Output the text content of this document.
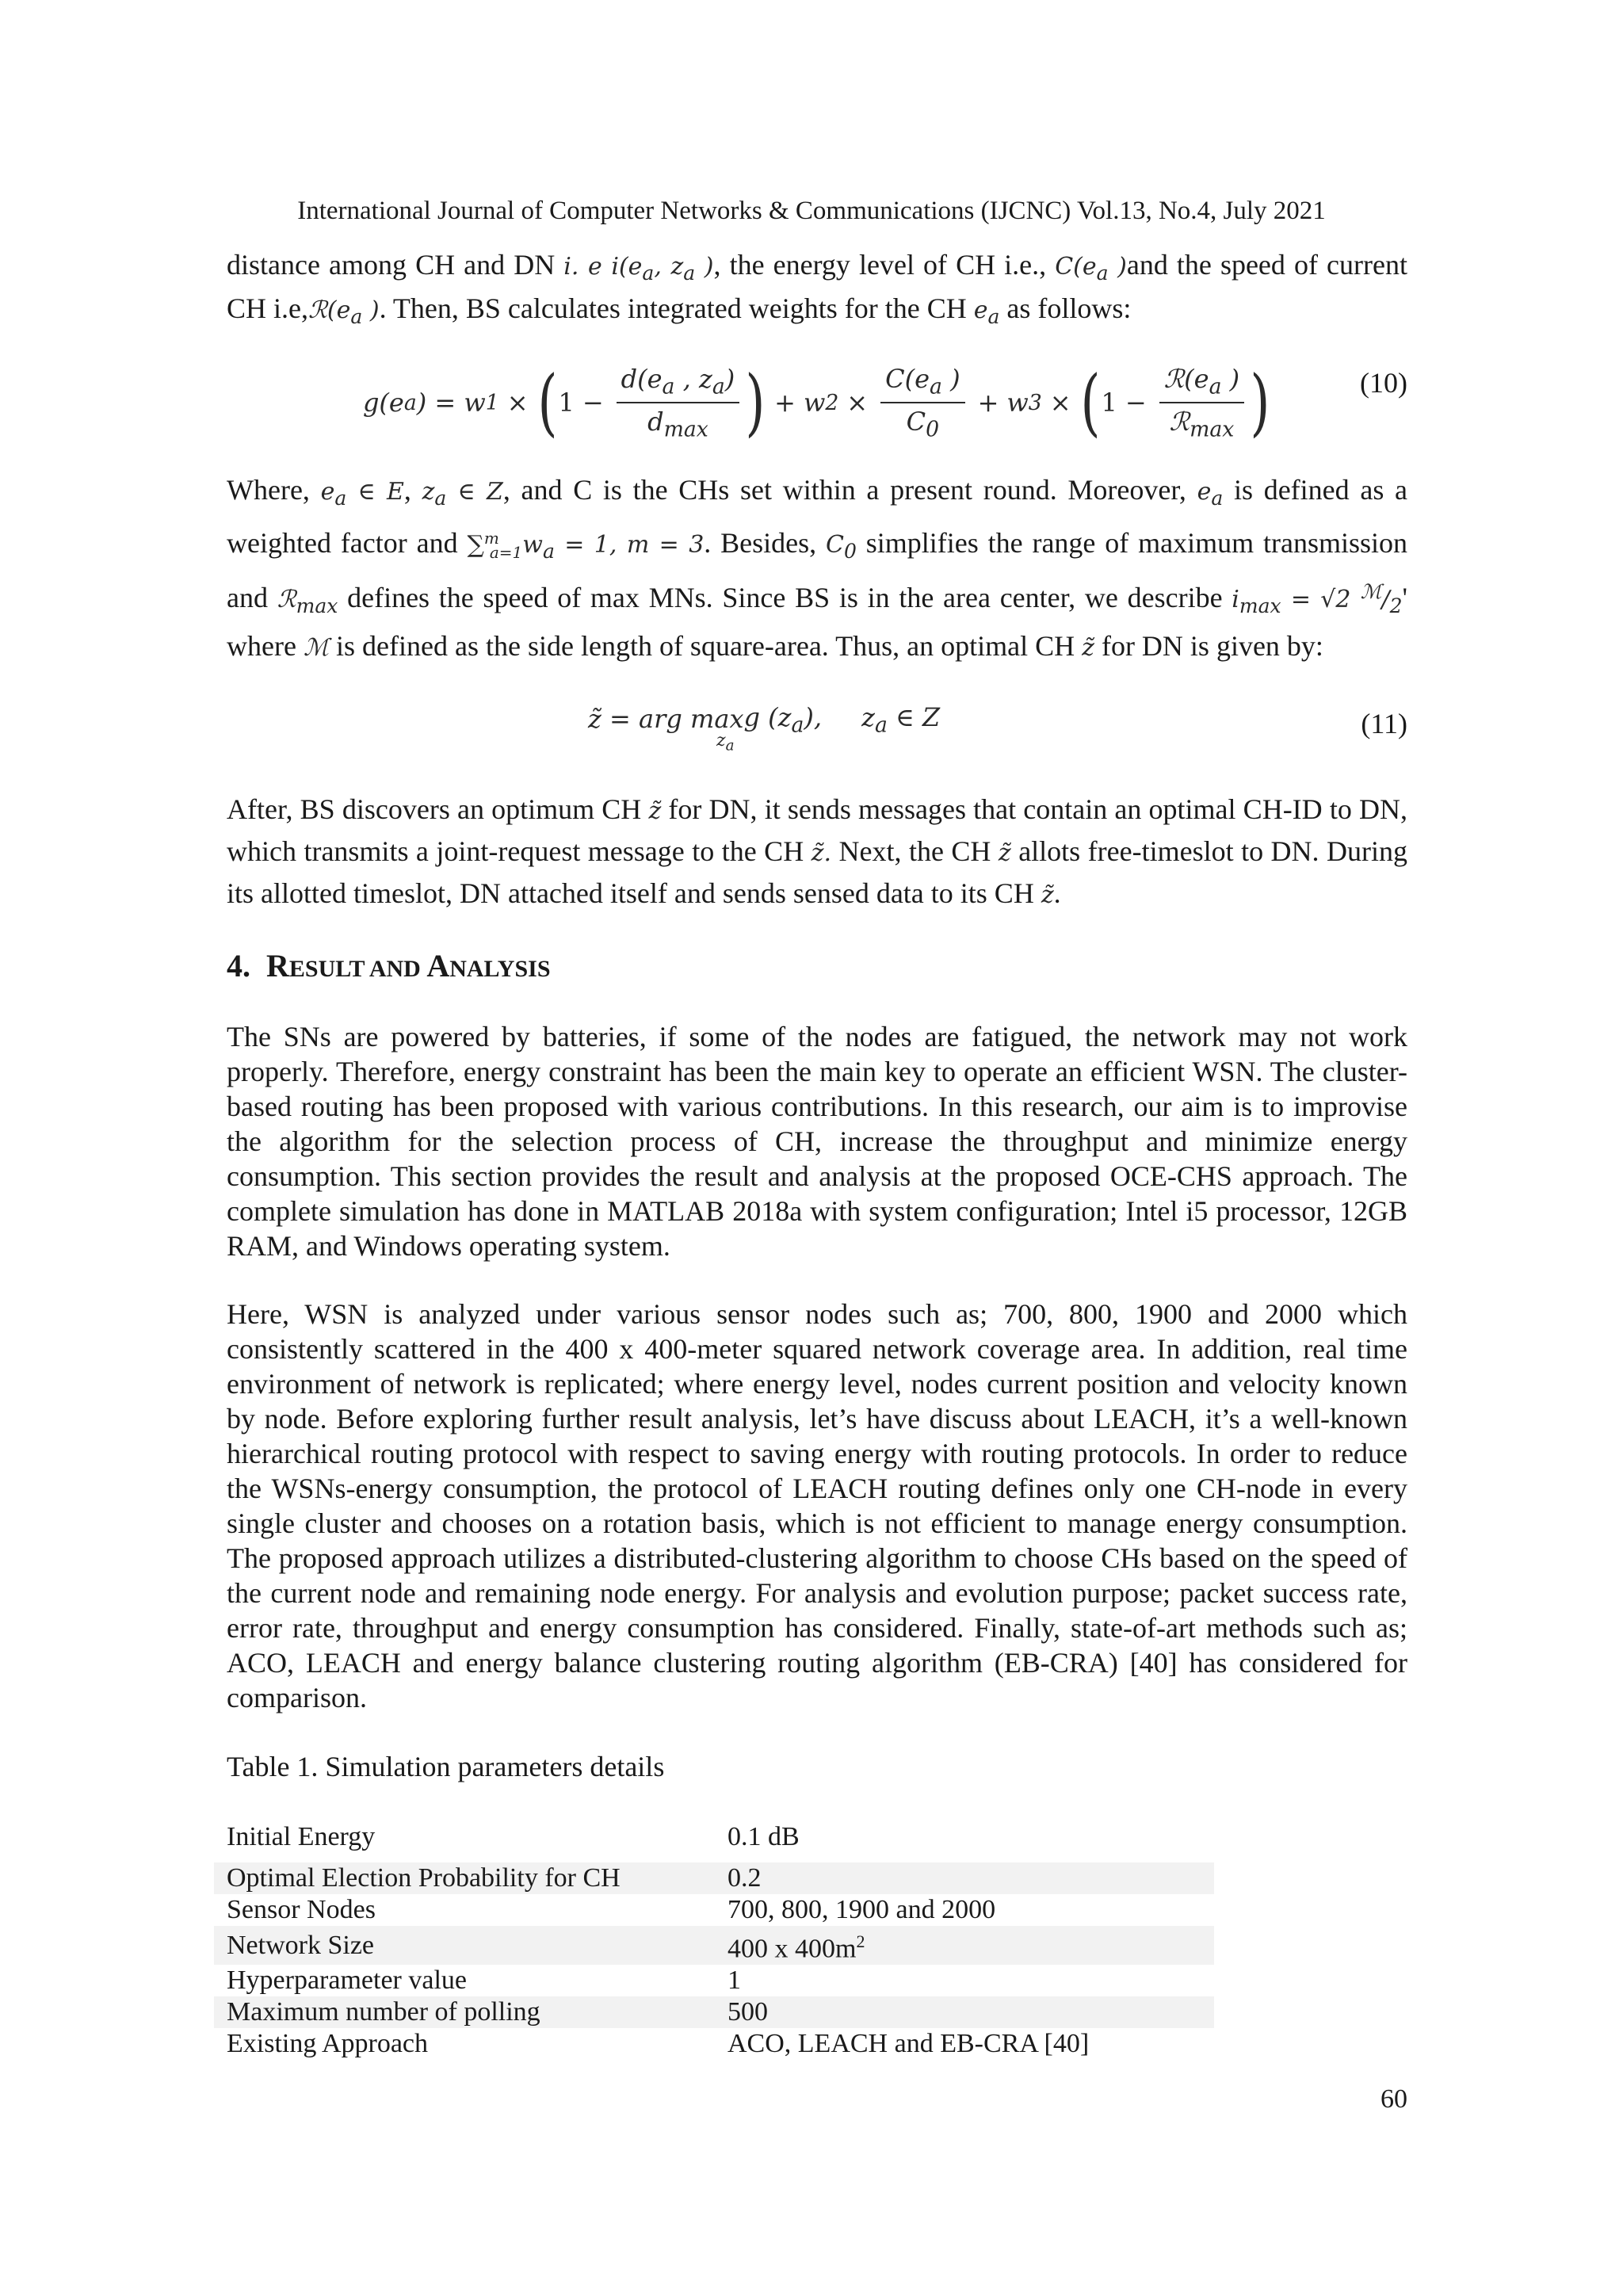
International Journal of Computer Networks & Communications (IJCNC) Vol.13, No.4, July 2021

distance among CH and DN i. e $i(e_a$, $z_a$ ), the energy level of CH i.e., $C(e_a$ )and the speed of current CH $i.e,ℛ(e_a$ ). Then, BS calculates integrated weights for the CH $e_a$ as follows:

g(e a ) = w 1 × ( $1 - \frac{d(e_a , z_a)}{d_{max}}$ ) + w $2 \times \frac{C(e_a )}{C_0} + w$ 3 × ( $1 - \frac{ℛ(e_a )}{ℛ_{max}}$ )	(10)

Where, $e_a$ ∈ E, $z_a$ ∈ Z, and C is the CHs set within a present round. Moreover, $e_a$ is defined as a weighted factor and $\sum^m_{a=1}w_a = 1$, m = 3. Besides, $C_0$ simplifies the range of maximum transmission and ℛ$_{max}$ defines the speed of max MNs. Since BS is in the area center, we describe $i_{max} = √2$ $^ℳ/_2'$ where ℳ is defined as the side length of square-area. Thus, an optimal CH z̃ for DN is given by:

z̃ = arg max
$z_a$
g $(z_a)$, $z_a$ ∈ Z	(11)

After, BS discovers an optimum CH z̃ for DN, it sends messages that contain an optimal CH-ID to DN, which transmits a joint-request message to the CH z̃. Next, the CH z̃ allots free-timeslot to DN. During its allotted timeslot, DN attached itself and sends sensed data to its CH z̃.

4. RESULT AND ANALYSIS

The SNs are powered by batteries, if some of the nodes are fatigued, the network may not work properly. Therefore, energy constraint has been the main key to operate an efficient WSN. The cluster-based routing has been proposed with various contributions. In this research, our aim is to improvise the algorithm for the selection process of CH, increase the throughput and minimize energy consumption. This section provides the result and analysis at the proposed OCE-CHS approach. The complete simulation has done in MATLAB 2018a with system configuration; Intel i5 processor, 12GB RAM, and Windows operating system.

Here, WSN is analyzed under various sensor nodes such as; 700, 800, 1900 and 2000 which consistently scattered in the 400 x 400-meter squared network coverage area. In addition, real time environment of network is replicated; where energy level, nodes current position and velocity known by node. Before exploring further result analysis, let’s have discuss about LEACH, it’s a well-known hierarchical routing protocol with respect to saving energy with routing protocols. In order to reduce the WSNs-energy consumption, the protocol of LEACH routing defines only one CH-node in every single cluster and chooses on a rotation basis, which is not efficient to manage energy consumption. The proposed approach utilizes a distributed-clustering algorithm to choose CHs based on the speed of the current node and remaining node energy. For analysis and evolution purpose; packet success rate, error rate, throughput and energy consumption has considered. Finally, state-of-art methods such as; ACO, LEACH and energy balance clustering routing algorithm (EB-CRA) [40] has considered for comparison.

Table 1. Simulation parameters details

Initial Energy	0.1 dB

Optimal Election Probability for CH	0.2
Sensor Nodes	700, 800, 1900 and 2000
Network Size	400 x $400m^2$
Hyperparameter value	1
Maximum number of polling	500
Existing Approach	ACO, LEACH and EB-CRA [40]
60
